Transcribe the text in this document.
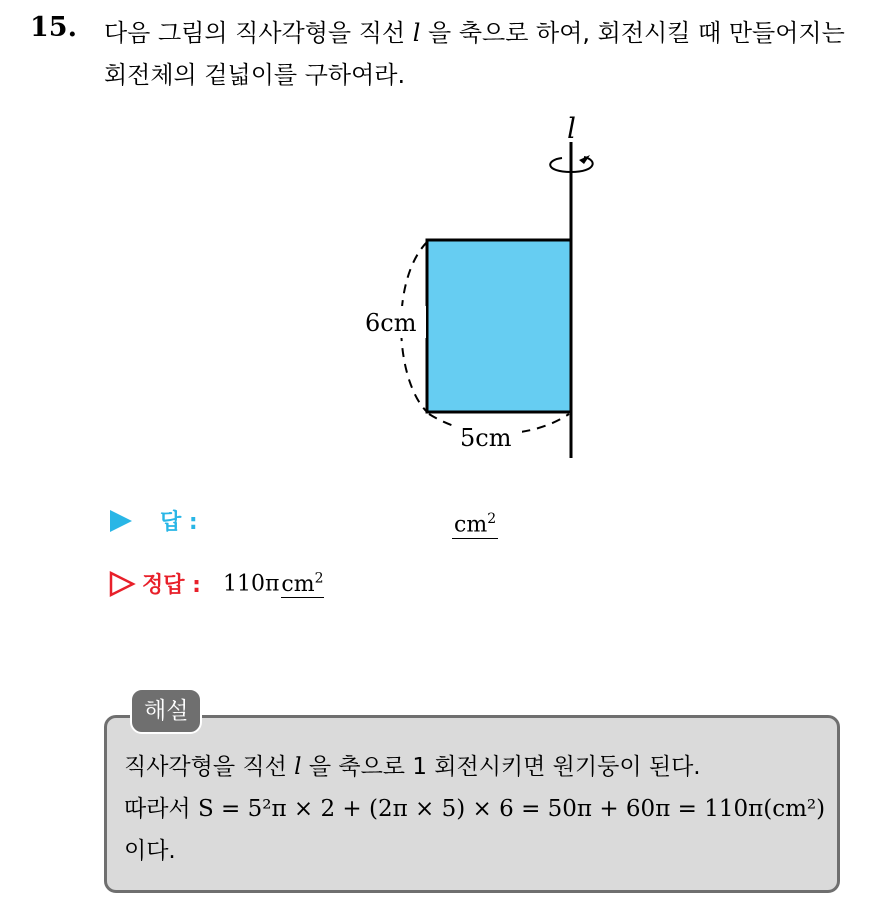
15. 다음 그림의 직사각형을 직선 l 을 축으로 하여, 회전시킬 때 만들어지는 회전체의 겉넓이를 구하여라.
l
6cm
5cm
답 :	$cm^2$
정답 : 110πcm$^2$
해설
직사각형을 직선 l 을 축으로 1 회전시키면 원기둥이 된다.
따라서 S = 5²π × 2 + (2π × 5) × 6 = 50π + 60π = 110π(cm²)
이다.
